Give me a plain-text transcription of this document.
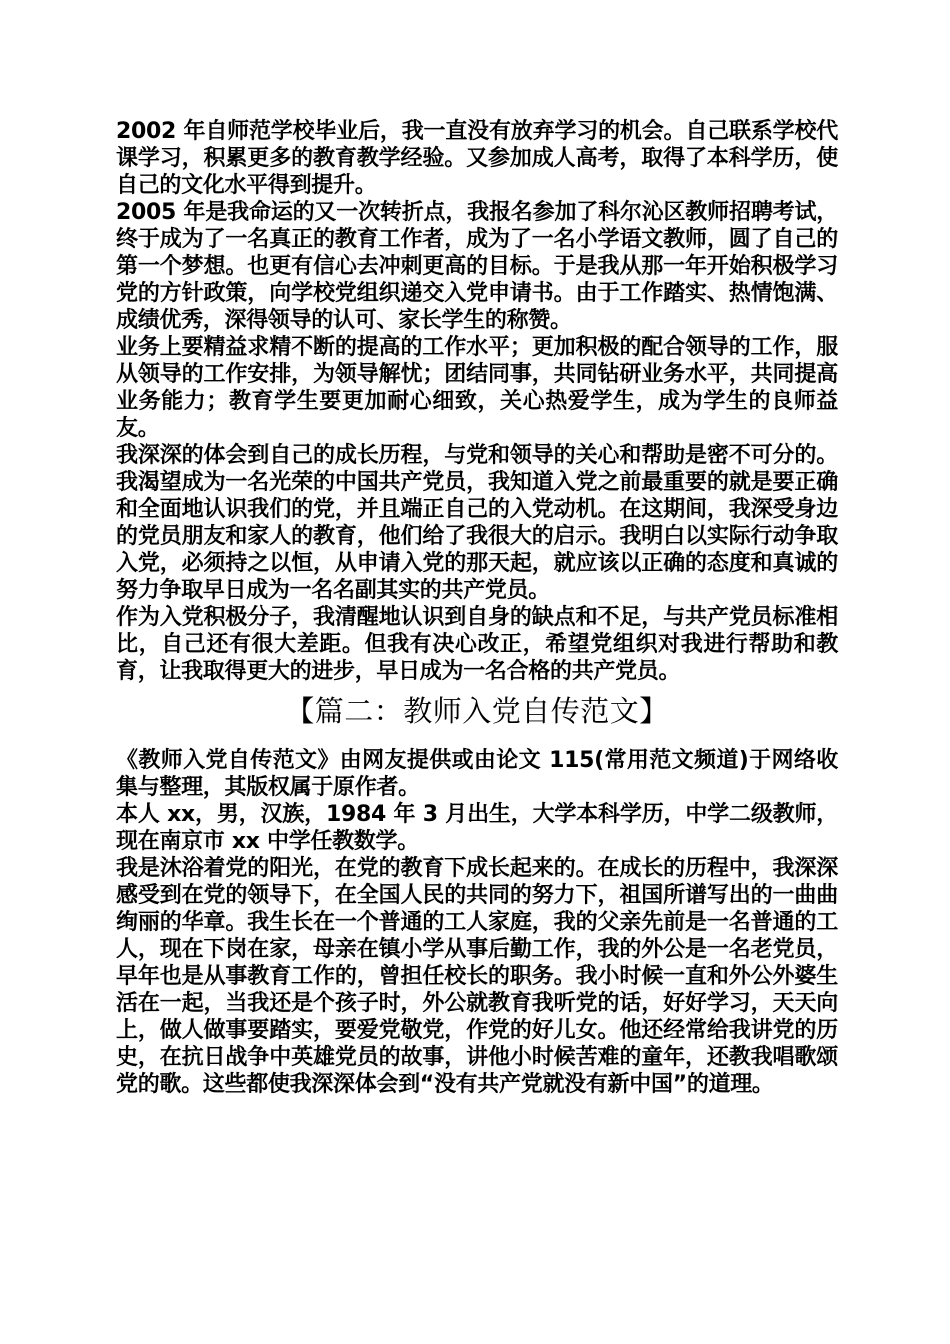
2002 年自师范学校毕业后，我一直没有放弃学习的机会。自己联系学校代课学习，积累更多的教育教学经验。又参加成人高考，取得了本科学历，使自己的文化水平得到提升。

2005 年是我命运的又一次转折点，我报名参加了科尔沁区教师招聘考试，终于成为了一名真正的教育工作者，成为了一名小学语文教师，圆了自己的第一个梦想。也更有信心去冲刺更高的目标。于是我从那一年开始积极学习党的方针政策，向学校党组织递交入党申请书。由于工作踏实、热情饱满、成绩优秀，深得领导的认可、家长学生的称赞。

业务上要精益求精不断的提高的工作水平；更加积极的配合领导的工作，服从领导的工作安排，为领导解忧；团结同事，共同钻研业务水平，共同提高业务能力；教育学生要更加耐心细致，关心热爱学生，成为学生的良师益友。

我深深的体会到自己的成长历程，与党和领导的关心和帮助是密不可分的。我渴望成为一名光荣的中国共产党员，我知道入党之前最重要的就是要正确和全面地认识我们的党，并且端正自己的入党动机。在这期间，我深受身边的党员朋友和家人的教育，他们给了我很大的启示。我明白以实际行动争取入党，必须持之以恒，从申请入党的那天起，就应该以正确的态度和真诚的努力争取早日成为一名名副其实的共产党员。

作为入党积极分子，我清醒地认识到自身的缺点和不足，与共产党员标准相比，自己还有很大差距。但我有决心改正，希望党组织对我进行帮助和教育，让我取得更大的进步，早日成为一名合格的共产党员。

【篇二：教师入党自传范文】

《教师入党自传范文》由网友提供或由论文 115(常用范文频道)于网络收集与整理，其版权属于原作者。

本人 xx，男，汉族，1984 年 3 月出生，大学本科学历，中学二级教师，现在南京市 xx 中学任教数学。

我是沐浴着党的阳光，在党的教育下成长起来的。在成长的历程中，我深深感受到在党的领导下，在全国人民的共同的努力下，祖国所谱写出的一曲曲绚丽的华章。我生长在一个普通的工人家庭，我的父亲先前是一名普通的工人，现在下岗在家，母亲在镇小学从事后勤工作，我的外公是一名老党员，早年也是从事教育工作的，曾担任校长的职务。我小时候一直和外公外婆生活在一起，当我还是个孩子时，外公就教育我听党的话，好好学习，天天向上，做人做事要踏实，要爱党敬党，作党的好儿女。他还经常给我讲党的历史，在抗日战争中英雄党员的故事，讲他小时候苦难的童年，还教我唱歌颂党的歌。这些都使我深深体会到“没有共产党就没有新中国”的道理。
